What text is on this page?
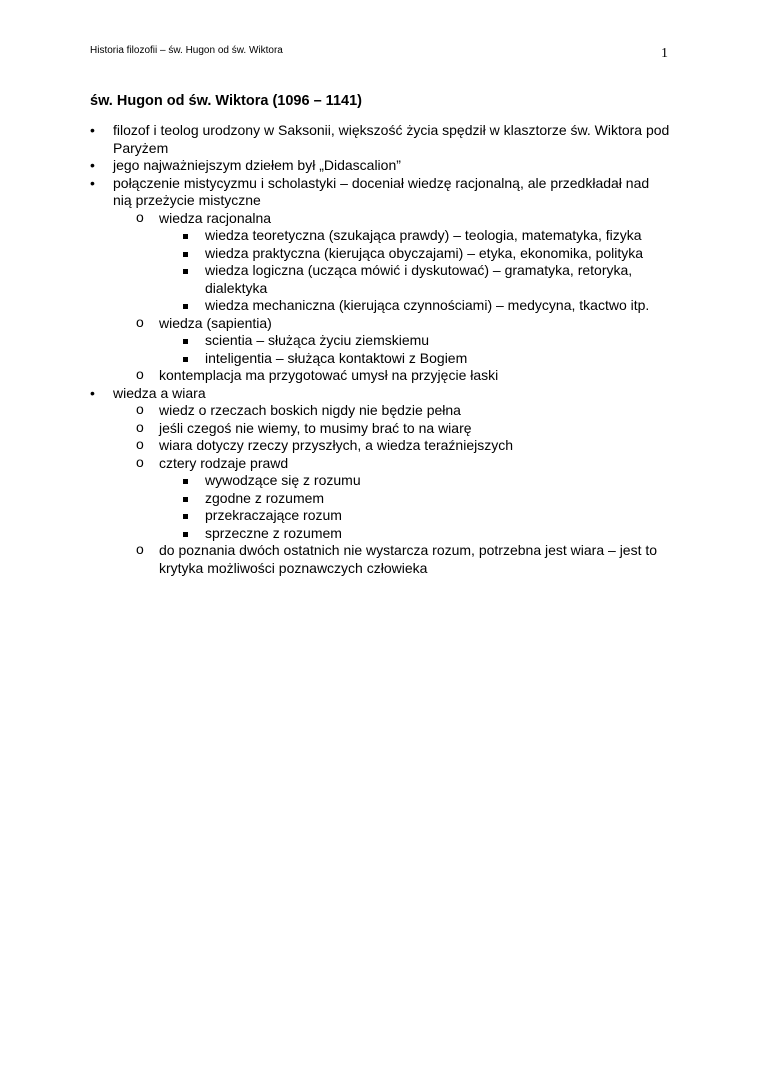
Historia filozofii – św. Hugon od św. Wiktora	1
św. Hugon od św. Wiktora (1096 – 1141)
• filozof i teolog urodzony w Saksonii, większość życia spędził w klasztorze św. Wiktora pod Paryżem
• jego najważniejszym dziełem był „Didascalion”
• połączenie mistycyzmu i scholastyki – doceniał wiedzę racjonalną, ale przedkładał nad nią przeżycie mistyczne
o wiedza racjonalna
wiedza teoretyczna (szukająca prawdy) – teologia, matematyka, fizyka
wiedza praktyczna (kierująca obyczajami) – etyka, ekonomika, polityka
wiedza logiczna (ucząca mówić i dyskutować) – gramatyka, retoryka, dialektyka
wiedza mechaniczna (kierująca czynnościami) – medycyna, tkactwo itp.
o wiedza (sapientia)
scientia – służąca życiu ziemskiemu
inteligentia – służąca kontaktowi z Bogiem
o kontemplacja ma przygotować umysł na przyjęcie łaski
• wiedza a wiara
o wiedz o rzeczach boskich nigdy nie będzie pełna
o jeśli czegoś nie wiemy, to musimy brać to na wiarę
o wiara dotyczy rzeczy przyszłych, a wiedza teraźniejszych
o cztery rodzaje prawd
wywodzące się z rozumu
zgodne z rozumem
przekraczające rozum
sprzeczne z rozumem
o do poznania dwóch ostatnich nie wystarcza rozum, potrzebna jest wiara – jest to krytyka możliwości poznawczych człowieka
